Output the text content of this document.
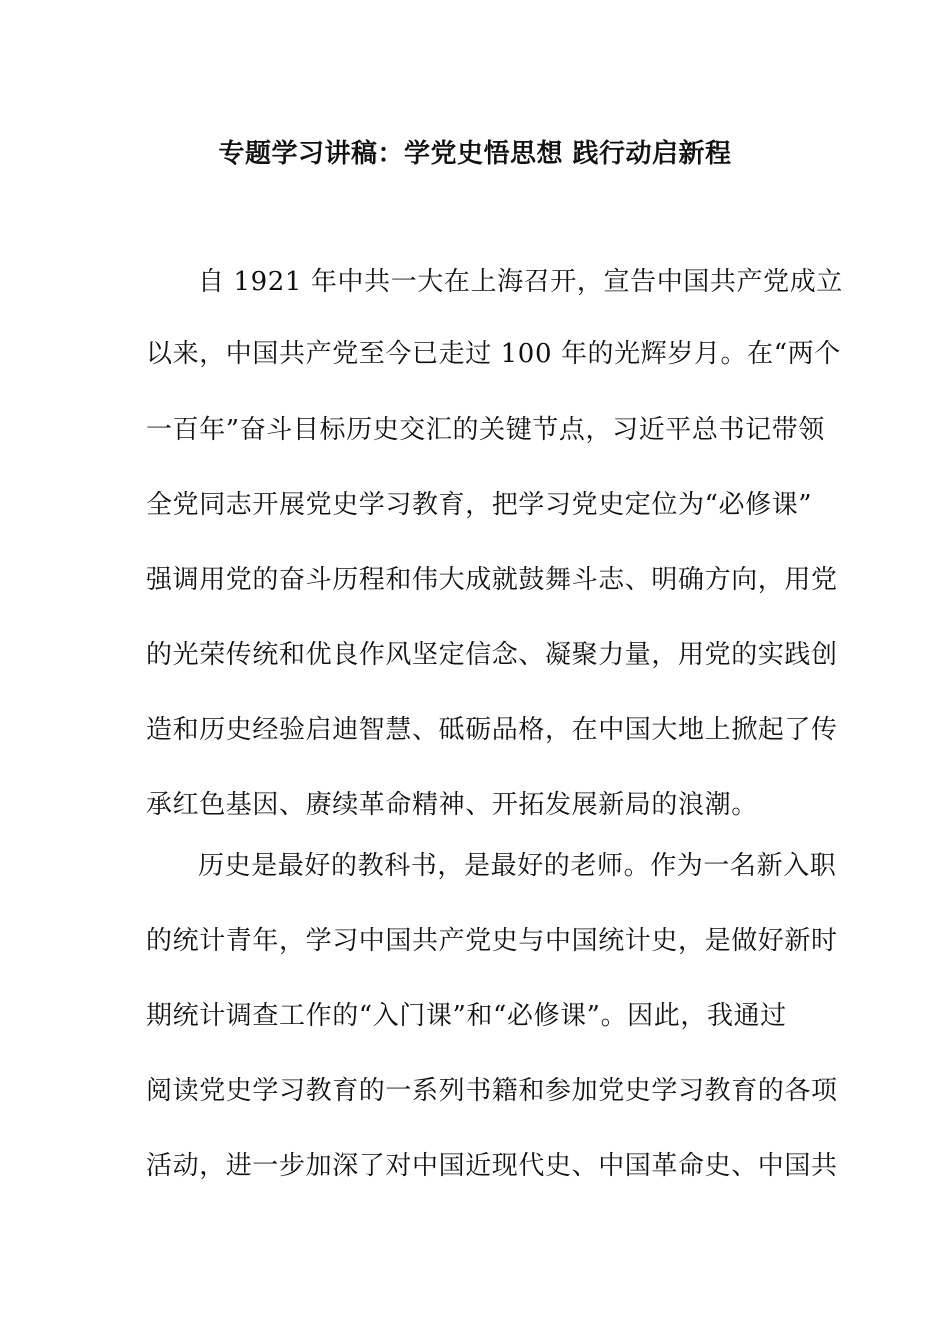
专题学习讲稿：学党史悟思想 践行动启新程
自 1921 年中共一大在上海召开，宣告中国共产党成立
以来，中国共产党至今已走过 100 年的光辉岁月。在“两个
一百年”奋斗目标历史交汇的关键节点，习近平总书记带领
全党同志开展党史学习教育，把学习党史定位为“必修课”
强调用党的奋斗历程和伟大成就鼓舞斗志、明确方向，用党
的光荣传统和优良作风坚定信念、凝聚力量，用党的实践创
造和历史经验启迪智慧、砥砺品格，在中国大地上掀起了传
承红色基因、赓续革命精神、开拓发展新局的浪潮。
历史是最好的教科书，是最好的老师。作为一名新入职
的统计青年，学习中国共产党史与中国统计史，是做好新时
期统计调查工作的“入门课”和“必修课”。因此，我通过
阅读党史学习教育的一系列书籍和参加党史学习教育的各项
活动，进一步加深了对中国近现代史、中国革命史、中国共
